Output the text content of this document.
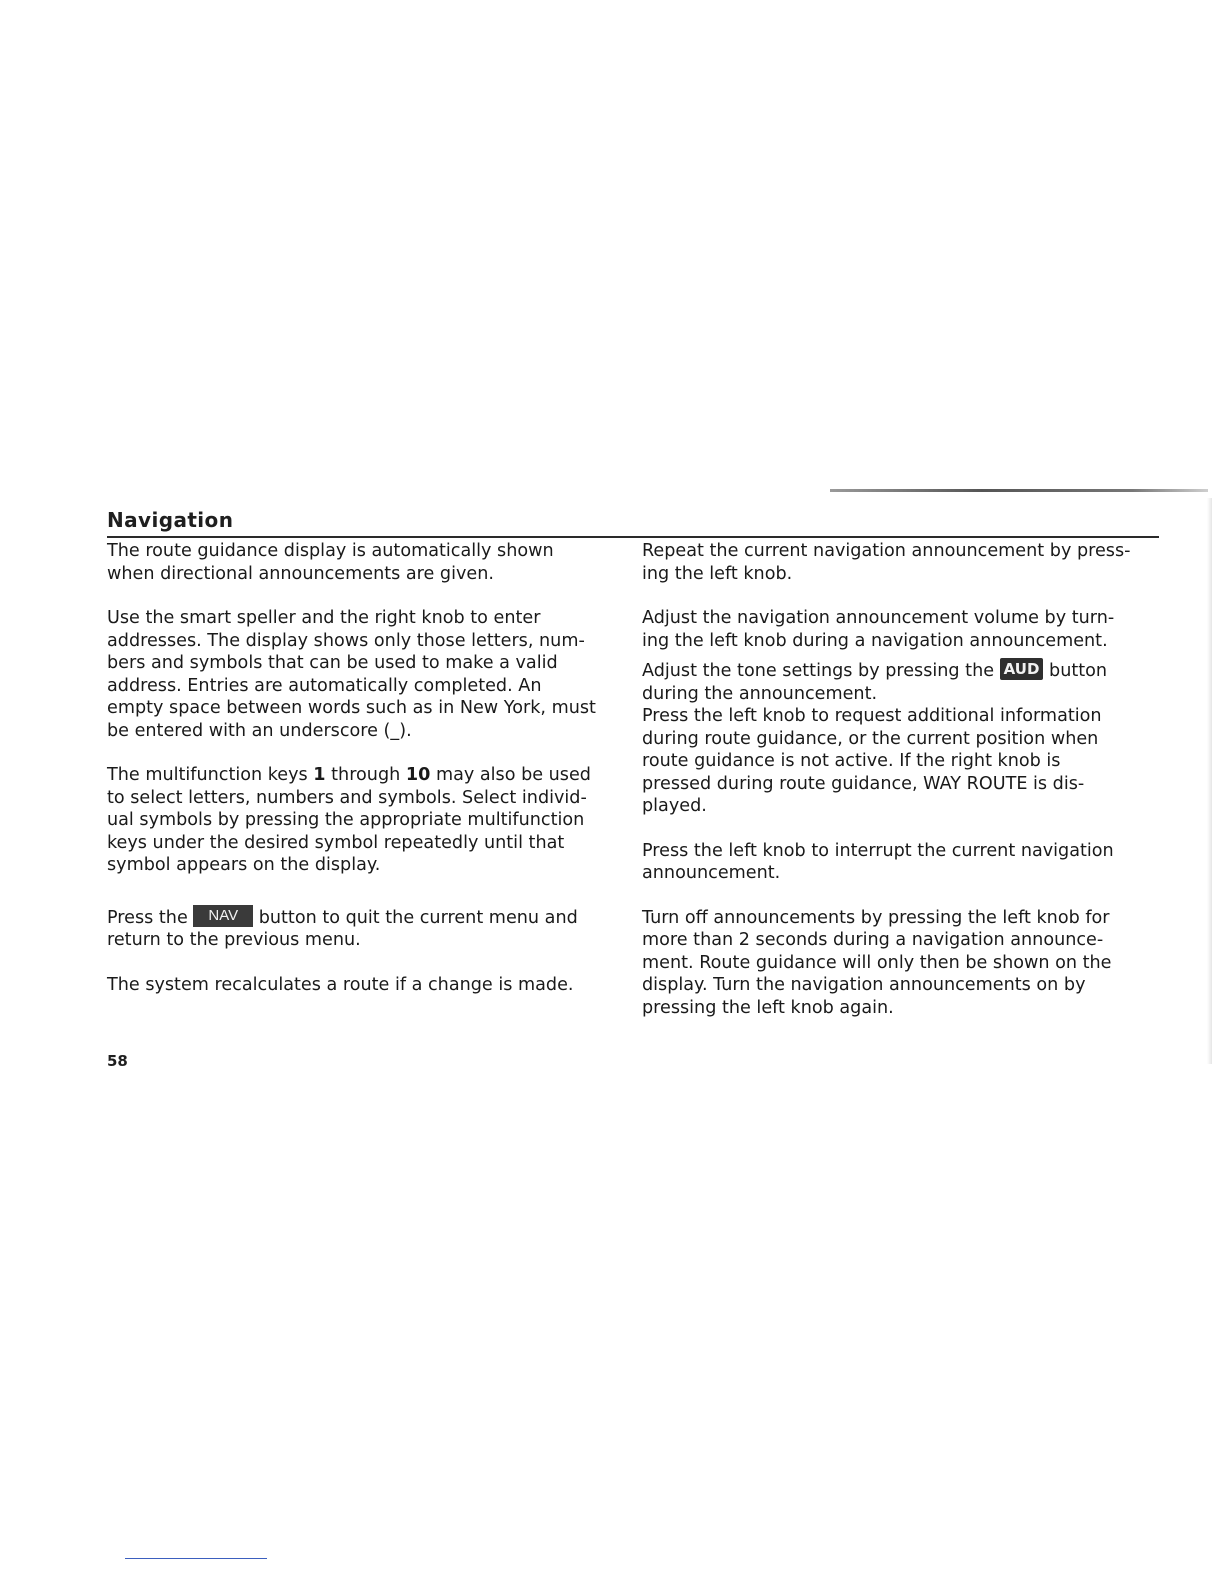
Navigation

The route guidance display is automatically shown
when directional announcements are given.

Use the smart speller and the right knob to enter
addresses. The display shows only those letters, num-
bers and symbols that can be used to make a valid
address. Entries are automatically completed. An
empty space between words such as in New York, must
be entered with an underscore (_).

The multifunction keys 1 through 10 may also be used
to select letters, numbers and symbols. Select individ-
ual symbols by pressing the appropriate multifunction
keys under the desired symbol repeatedly until that
symbol appears on the display.

Press the NAV button to quit the current menu and
return to the previous menu.

The system recalculates a route if a change is made.

Repeat the current navigation announcement by press-
ing the left knob.

Adjust the navigation announcement volume by turn-
ing the left knob during a navigation announcement.

Adjust the tone settings by pressing the AUD button
during the announcement.

Press the left knob to request additional information
during route guidance, or the current position when
route guidance is not active. If the right knob is
pressed during route guidance, WAY ROUTE is dis-
played.

Press the left knob to interrupt the current navigation
announcement.

Turn off announcements by pressing the left knob for
more than 2 seconds during a navigation announce-
ment. Route guidance will only then be shown on the
display. Turn the navigation announcements on by
pressing the left knob again.

58
